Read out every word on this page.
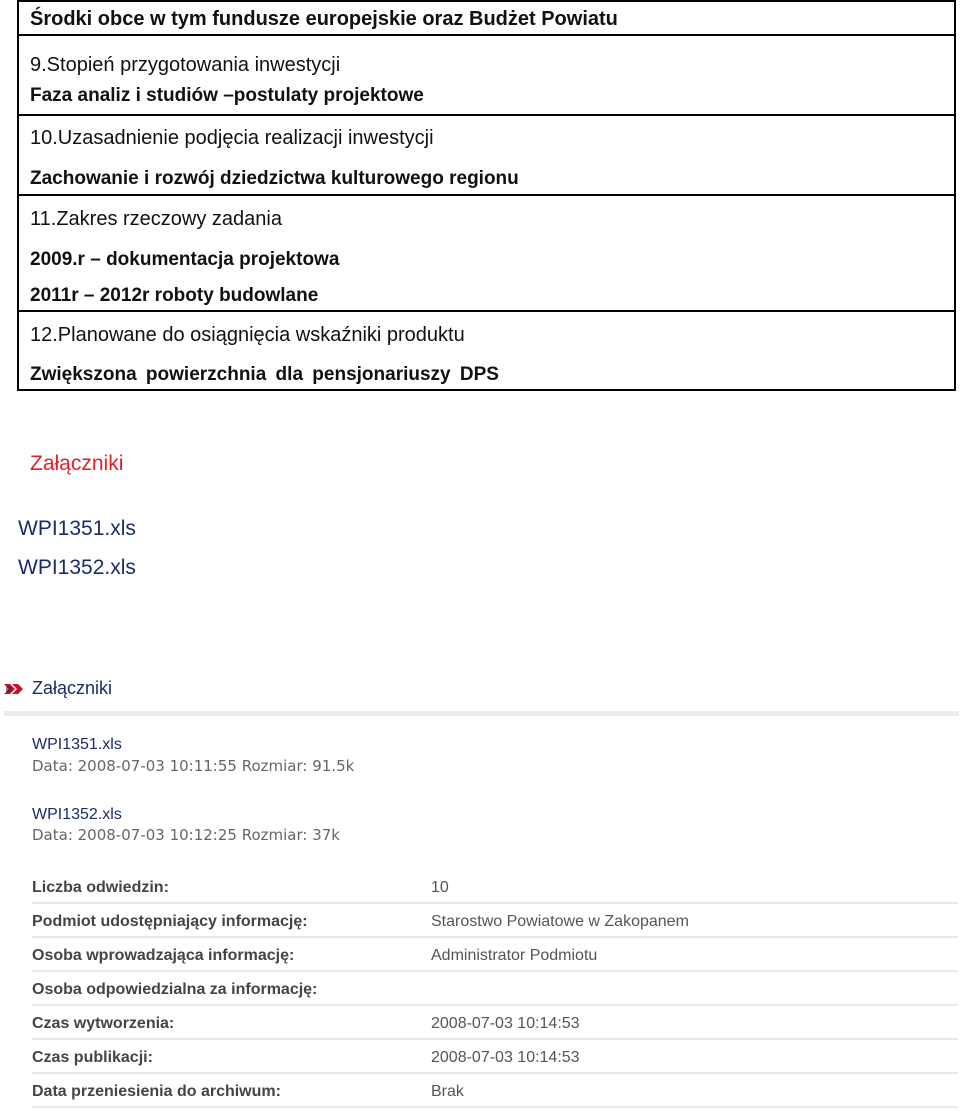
Środki obce w tym fundusze europejskie oraz Budżet Powiatu
9.Stopień przygotowania inwestycji
Faza analiz i studiów –postulaty projektowe
10.Uzasadnienie podjęcia realizacji inwestycji
Zachowanie i rozwój dziedzictwa kulturowego regionu
11.Zakres rzeczowy zadania
2009.r – dokumentacja projektowa
2011r – 2012r roboty budowlane
12.Planowane do osiągnięcia wskaźniki produktu
Zwiększona powierzchnia dla pensjonariuszy DPS
Załączniki
WPI1351.xls
WPI1352.xls
Załączniki
WPI1351.xls
Data: 2008-07-03 10:11:55 Rozmiar: 91.5k
WPI1352.xls
Data: 2008-07-03 10:12:25 Rozmiar: 37k
Liczba odwiedzin:	10
Podmiot udostępniający informację:	Starostwo Powiatowe w Zakopanem
Osoba wprowadzająca informację:	Administrator Podmiotu
Osoba odpowiedzialna za informację:
Czas wytworzenia:	2008-07-03 10:14:53
Czas publikacji:	2008-07-03 10:14:53
Data przeniesienia do archiwum:	Brak
